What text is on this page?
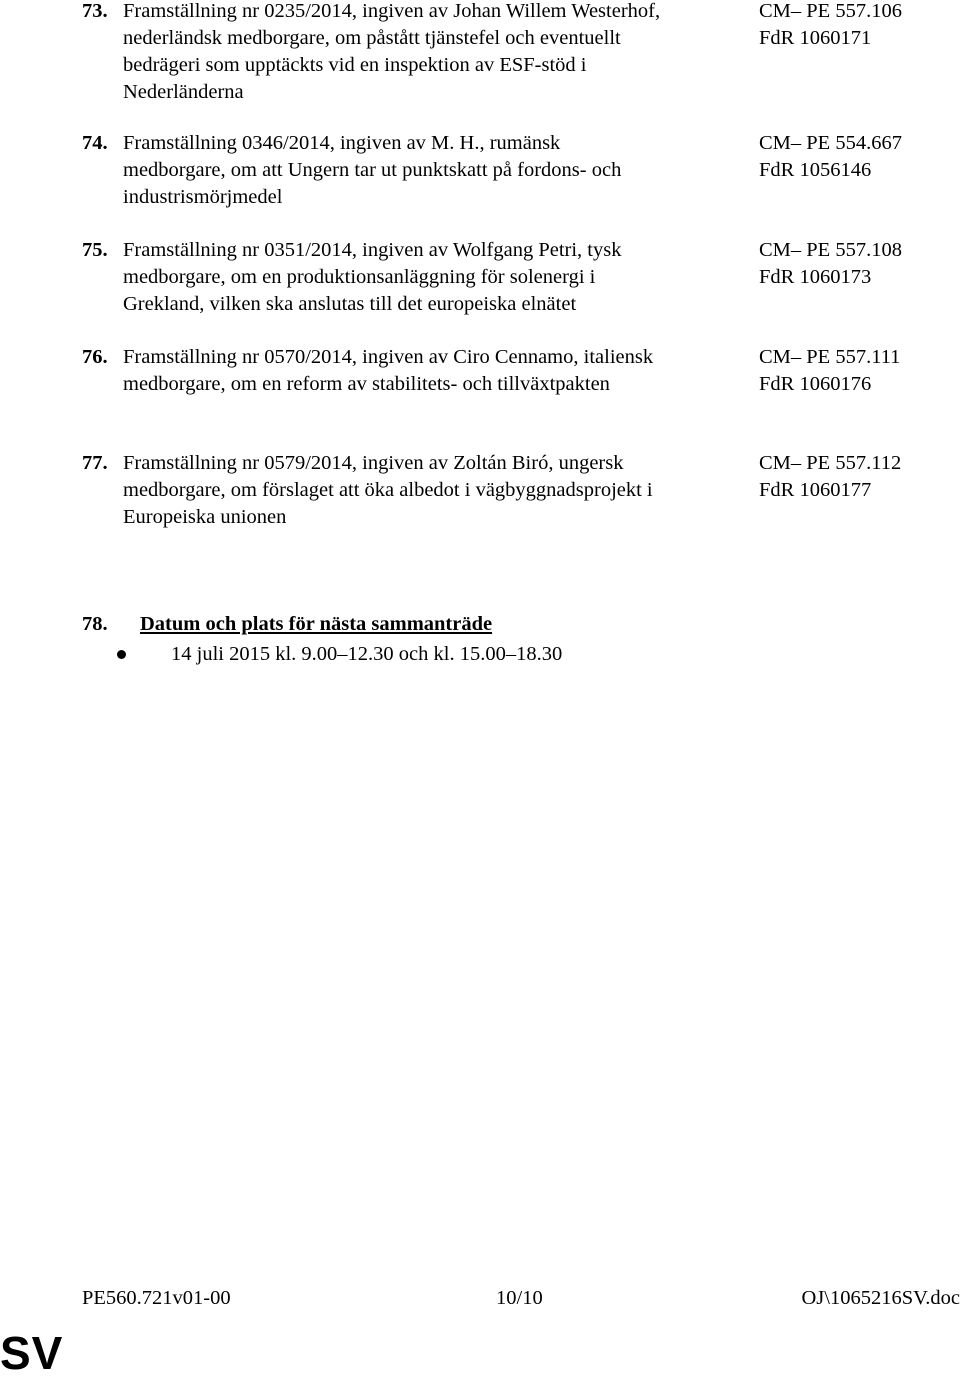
73. Framställning nr 0235/2014, ingiven av Johan Willem Westerhof,
nederländsk medborgare, om påstått tjänstefel och eventuellt
bedrägeri som upptäckts vid en inspektion av ESF-stöd i
Nederländerna
CM– PE 557.106
FdR 1060171
74. Framställning 0346/2014, ingiven av M. H., rumänsk
medborgare, om att Ungern tar ut punktskatt på fordons- och
industrismörjmedel
CM– PE 554.667
FdR 1056146
75. Framställning nr 0351/2014, ingiven av Wolfgang Petri, tysk
medborgare, om en produktionsanläggning för solenergi i
Grekland, vilken ska anslutas till det europeiska elnätet
CM– PE 557.108
FdR 1060173
76. Framställning nr 0570/2014, ingiven av Ciro Cennamo, italiensk
medborgare, om en reform av stabilitets- och tillväxtpakten
CM– PE 557.111
FdR 1060176
77. Framställning nr 0579/2014, ingiven av Zoltán Biró, ungersk
medborgare, om förslaget att öka albedot i vägbyggnadsprojekt i
Europeiska unionen
CM– PE 557.112
FdR 1060177
78. Datum och plats för nästa sammanträde
14 juli 2015 kl. 9.00–12.30 och kl. 15.00–18.30
PE560.721v01-00	10/10	OJ\1065216SV.doc
SV
